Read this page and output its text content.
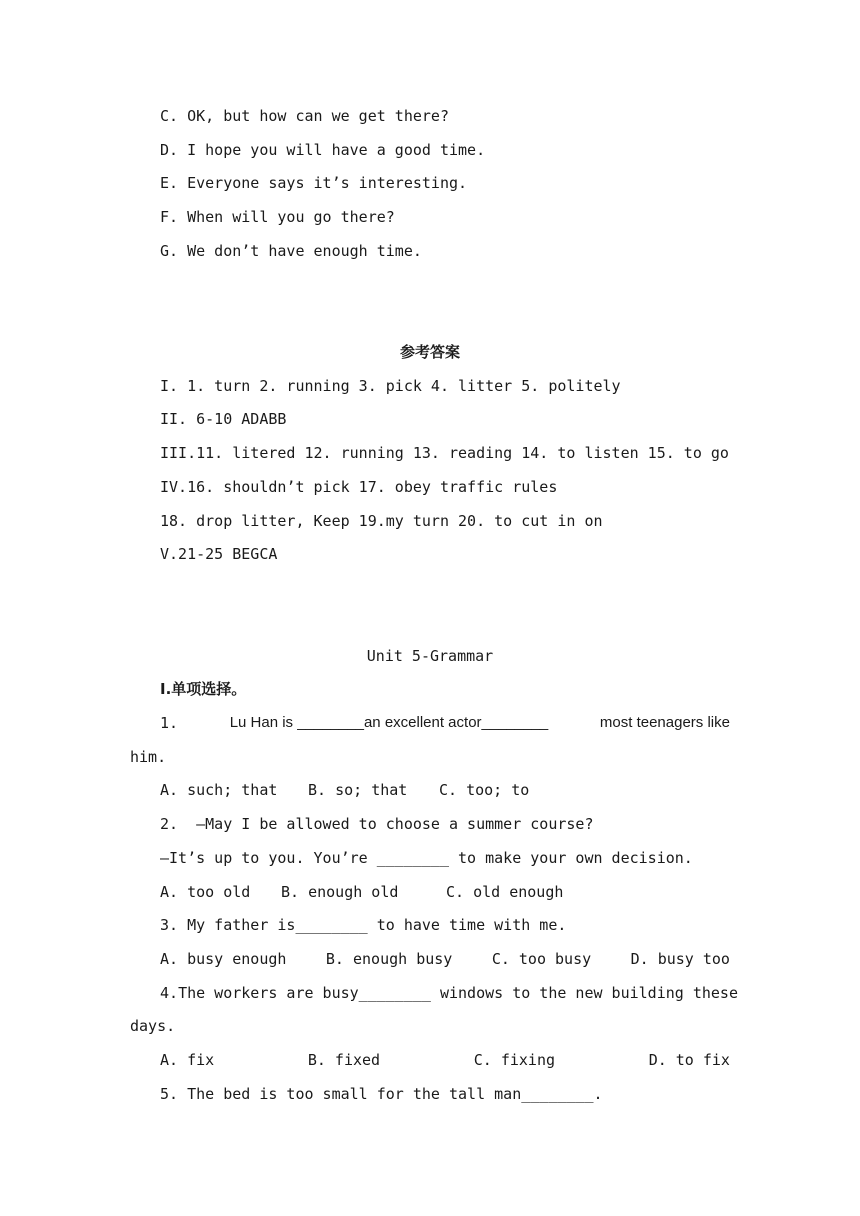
C. OK, but how can we get there?
D. I hope you will have a good time.
E. Everyone says it’s interesting.
F. When will you go there?
G. We don’t have enough time.
参考答案
I. 1. turn 2. running 3. pick 4. litter 5. politely
II. 6-10 ADABB
III.11. litered 12. running 13. reading 14. to listen 15. to go
IV.16. shouldn’t pick 17. obey traffic rules
18. drop litter, Keep 19.my turn 20. to cut in on
V.21-25 BEGCA
Unit 5-Grammar
Ⅰ.单项选择。
1.	Lu Han is ________an excellent actor________	most teenagers like
him.
A. such; that	B. so; that	C. too; to
2.  —May I be allowed to choose a summer course?
—It’s up to you. You’re ________ to make your own decision.
A. too old	B. enough old	C. old enough
3. My father is________ to have time with me.
A. busy enough	B. enough busy	C. too busy	D. busy too
4. The workers are busy________ windows to the new building these
days.
A. fix	B. fixed	C. fixing	D. to fix
5. The bed is too small for the tall man________.
